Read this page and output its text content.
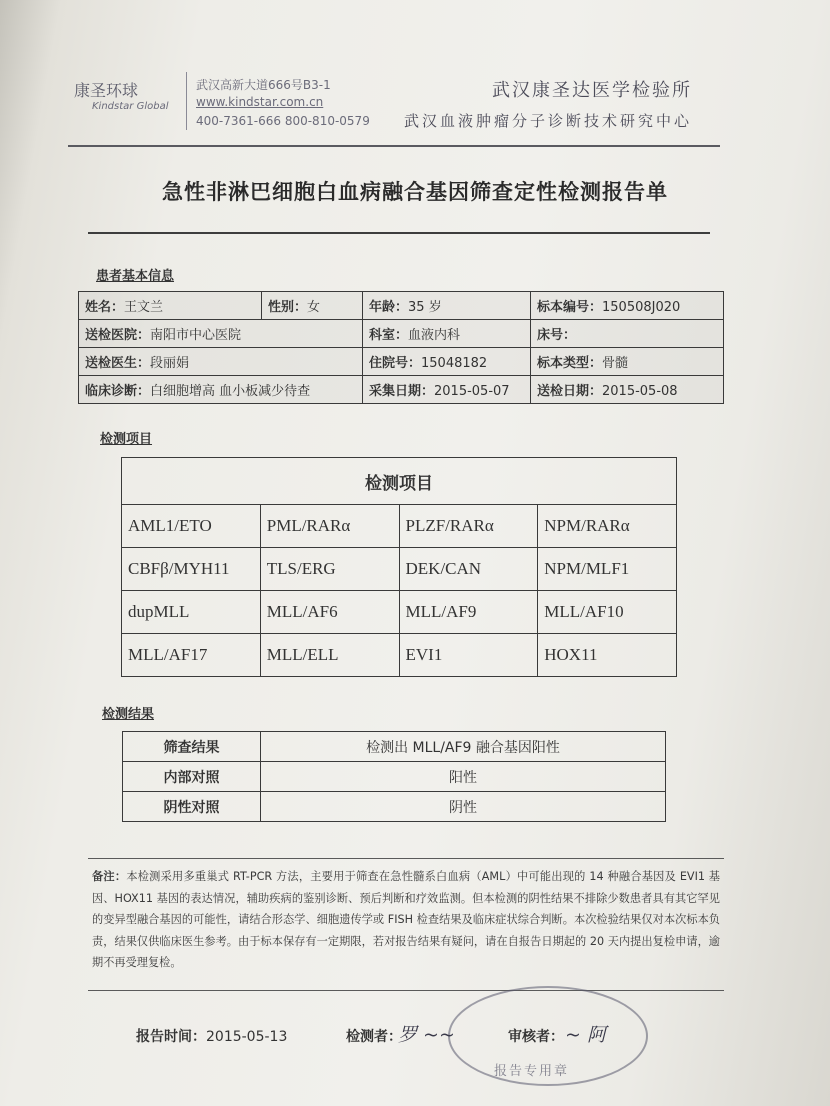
康圣环球
Kindstar Global
武汉高新大道666号B3-1
www.kindstar.com.cn
400-7361-666 800-810-0579
武汉康圣达医学检验所
武汉血液肿瘤分子诊断技术研究中心
急性非淋巴细胞白血病融合基因筛查定性检测报告单
患者基本信息
姓名：王文兰	性别：女	年龄：35 岁	标本编号：150508J020
送检医院：南阳市中心医院		科室：血液内科	床号：
送检医生：段丽娟		住院号：15048182	标本类型：骨髓
临床诊断：白细胞增高 血小板减少待查		采集日期：2015-05-07	送检日期：2015-05-08
检测项目
检测项目			
AML1/ETO	PML/RARα	PLZF/RARα	NPM/RARα
CBFβ/MYH11	TLS/ERG	DEK/CAN	NPM/MLF1
dupMLL	MLL/AF6	MLL/AF9	MLL/AF10
MLL/AF17	MLL/ELL	EVI1	HOX11
检测结果
筛查结果	检测出 MLL/AF9 融合基因阳性
内部对照	阳性
阴性对照	阴性
备注：本检测采用多重巢式 RT-PCR 方法，主要用于筛查在急性髓系白血病（AML）中可能出现的 14 种融合基因及 EVI1 基因、HOX11 基因的表达情况，辅助疾病的鉴别诊断、预后判断和疗效监测。但本检测的阴性结果不排除少数患者具有其它罕见的变异型融合基因的可能性，请结合形态学、细胞遗传学或 FISH 检查结果及临床症状综合判断。本次检验结果仅对本次标本负责，结果仅供临床医生参考。由于标本保存有一定期限，若对报告结果有疑问，请在自报告日期起的 20 天内提出复检申请，逾期不再受理复检。
报告专用章
报告时间：2015-05-13	检测者：
罗 ~~	审核者： ~ 阿
